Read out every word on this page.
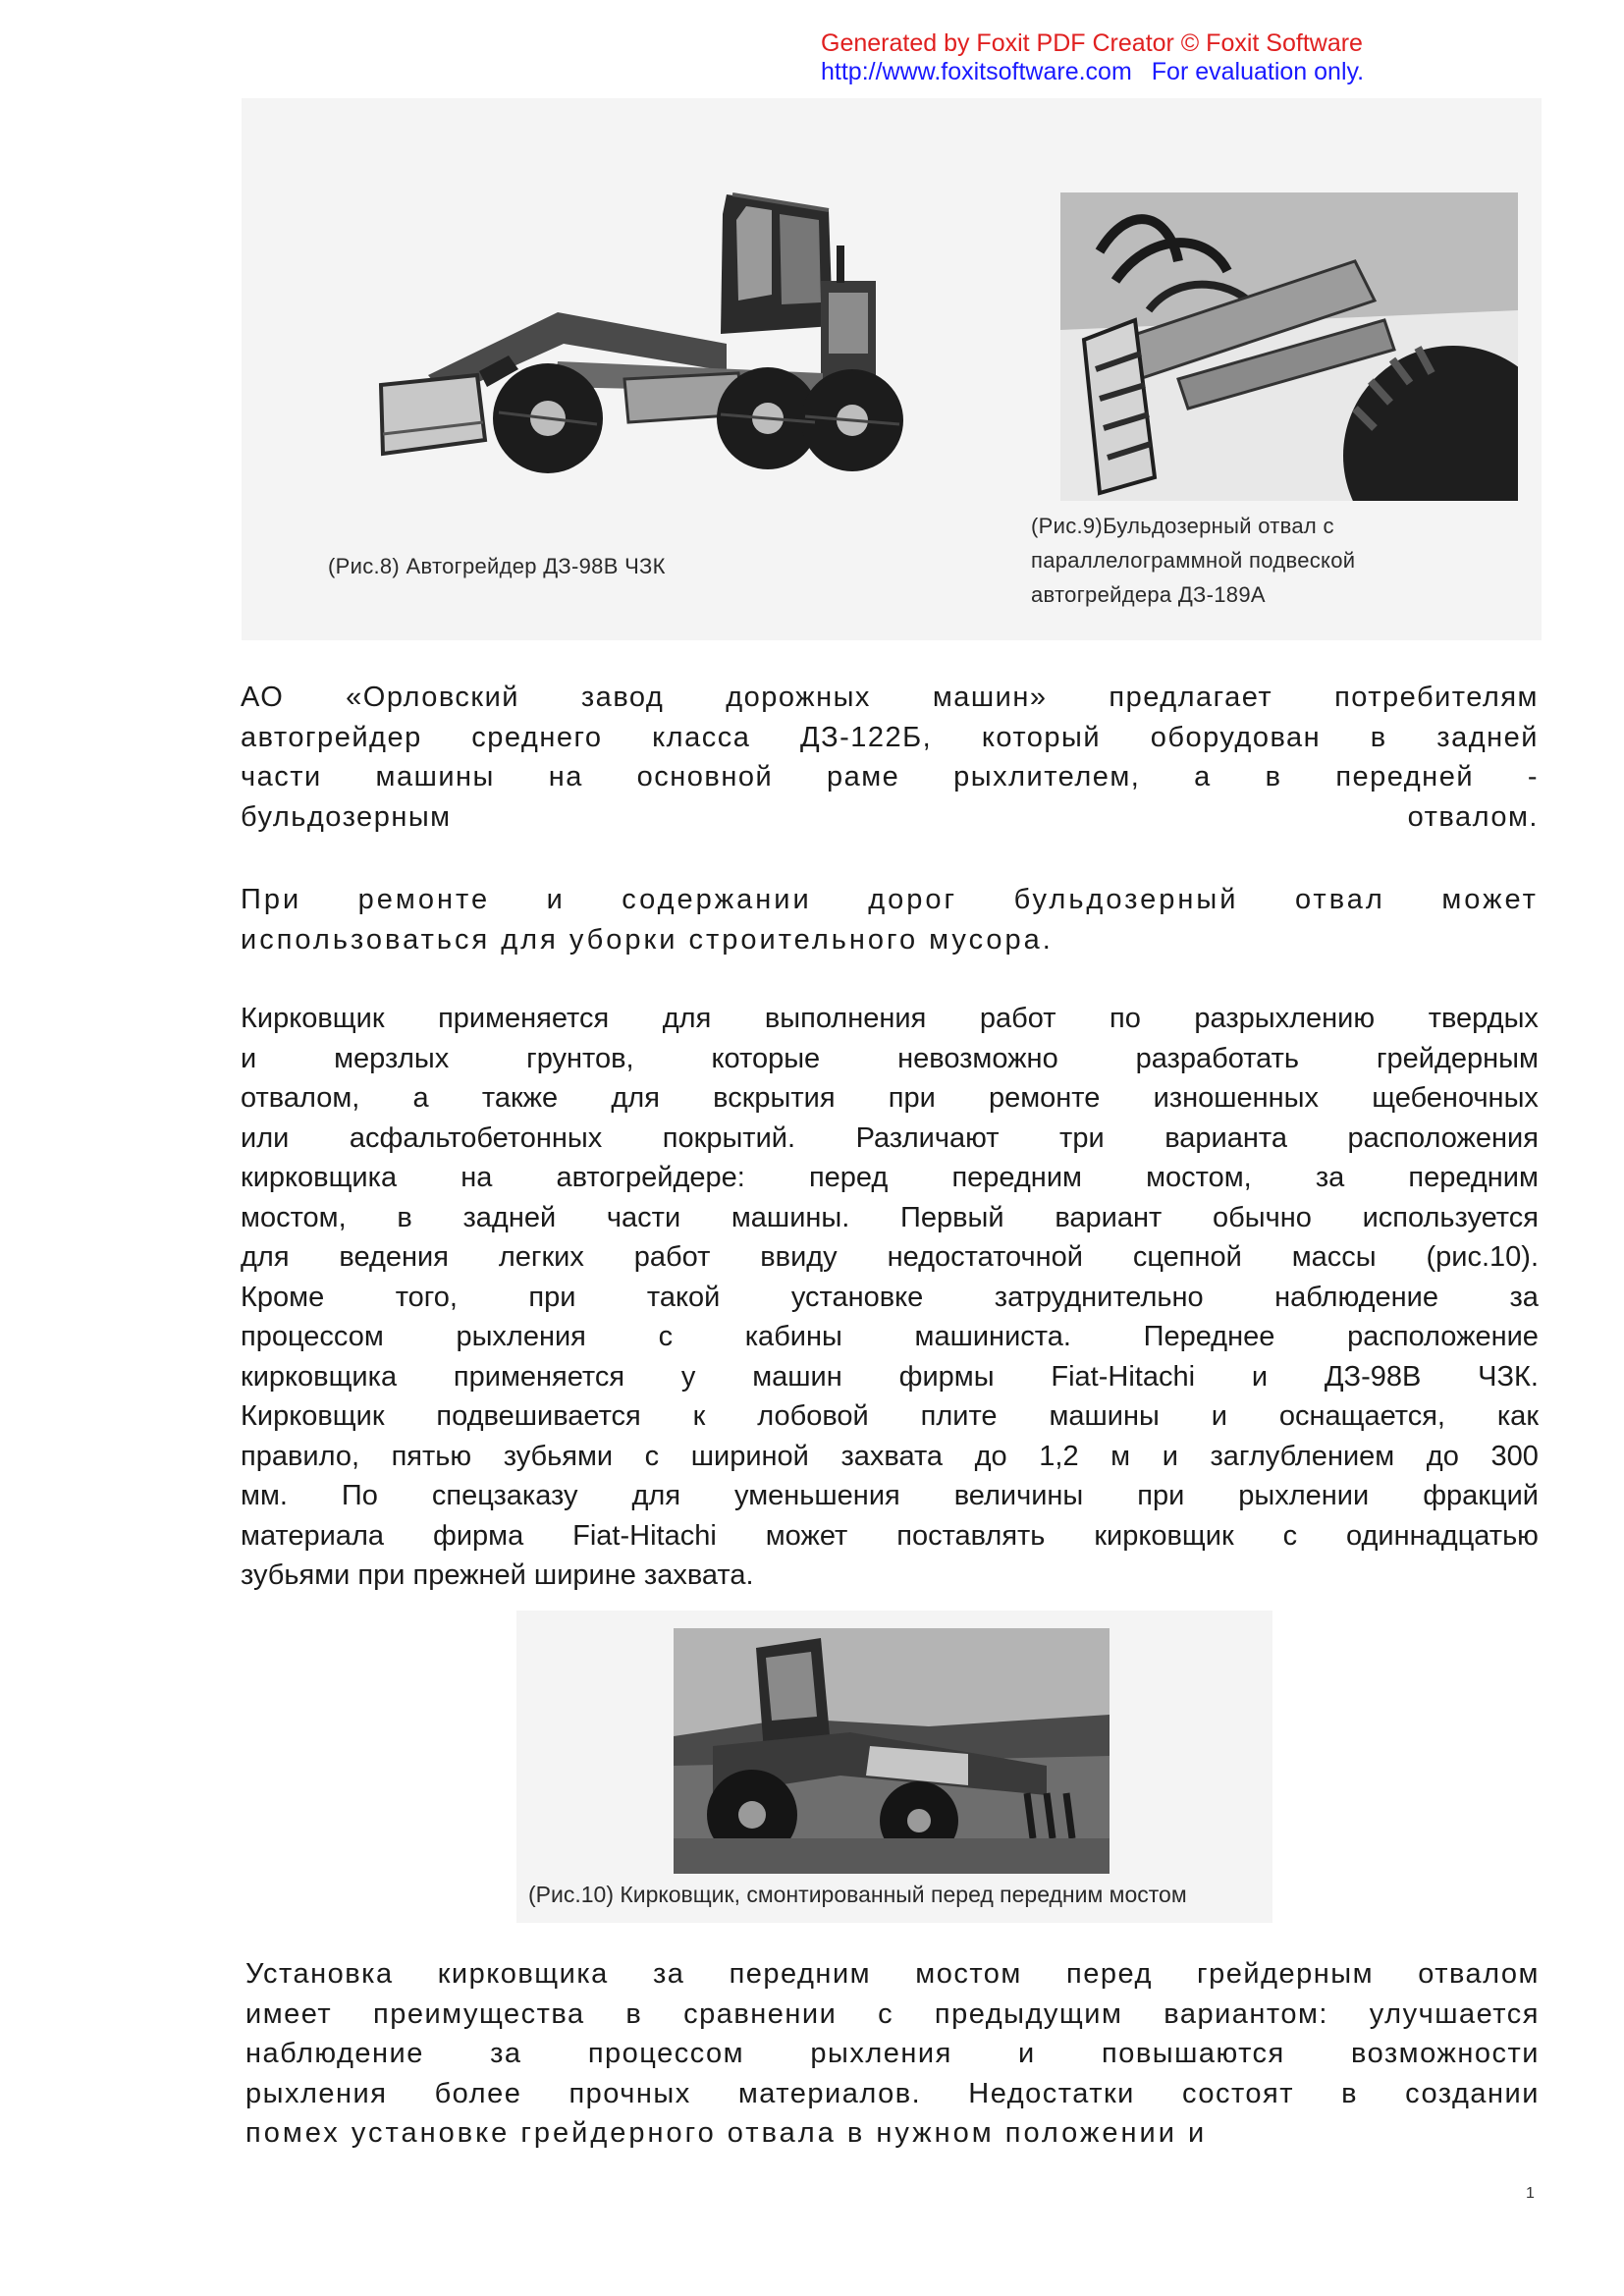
Generated by Foxit PDF Creator © Foxit Software
http://www.foxitsoftware.com For evaluation only.
(Рис.8) Автогрейдер ДЗ-98В ЧЗК
(Рис.9)Бульдозерный отвал с
параллелограммной подвеской
автогрейдера ДЗ-189А
АО «Орловский завод дорожных машин» предлагает потребителям
автогрейдер среднего класса ДЗ-122Б, который оборудован в задней
части машины на основной раме рыхлителем, а в передней -
бульдозерным	отвалом.
При ремонте и содержании дорог бульдозерный отвал может
использоваться для уборки строительного мусора.
Кирковщик применяется для выполнения работ по разрыхлению твердых
и	мерзлых	грунтов,	которые	невозможно	разработать	грейдерным
отвалом, а также для вскрытия при ремонте изношенных щебеночных
или асфальтобетонных покрытий. Различают три варианта расположения
кирковщика на автогрейдере: перед передним мостом, за передним
мостом, в задней части машины. Первый вариант обычно используется
для ведения легких работ ввиду недостаточной сцепной массы (рис.10).
Кроме того, при такой установке затруднительно наблюдение за
процессом	рыхления	с	кабины	машиниста.	Переднее	расположение
кирковщика применяется у машин фирмы Fiat-Hitachi и ДЗ-98В ЧЗК.
Кирковщик подвешивается к лобовой плите машины и оснащается, как
правило, пятью зубьями с шириной захвата до 1,2 м и заглублением до 300
мм. По спецзаказу для уменьшения величины при рыхлении фракций
материала фирма Fiat-Hitachi может поставлять кирковщик с одиннадцатью
зубьями при прежней ширине захвата.
(Рис.10) Кирковщик, смонтированный перед передним мостом
Установка кирковщика за передним мостом перед грейдерным отвалом
имеет преимущества в сравнении с предыдущим вариантом: улучшается
наблюдение за процессом рыхления и повышаются возможности
рыхления более прочных материалов. Недостатки состоят в создании
помех установке грейдерного отвала в нужном положении и
1
